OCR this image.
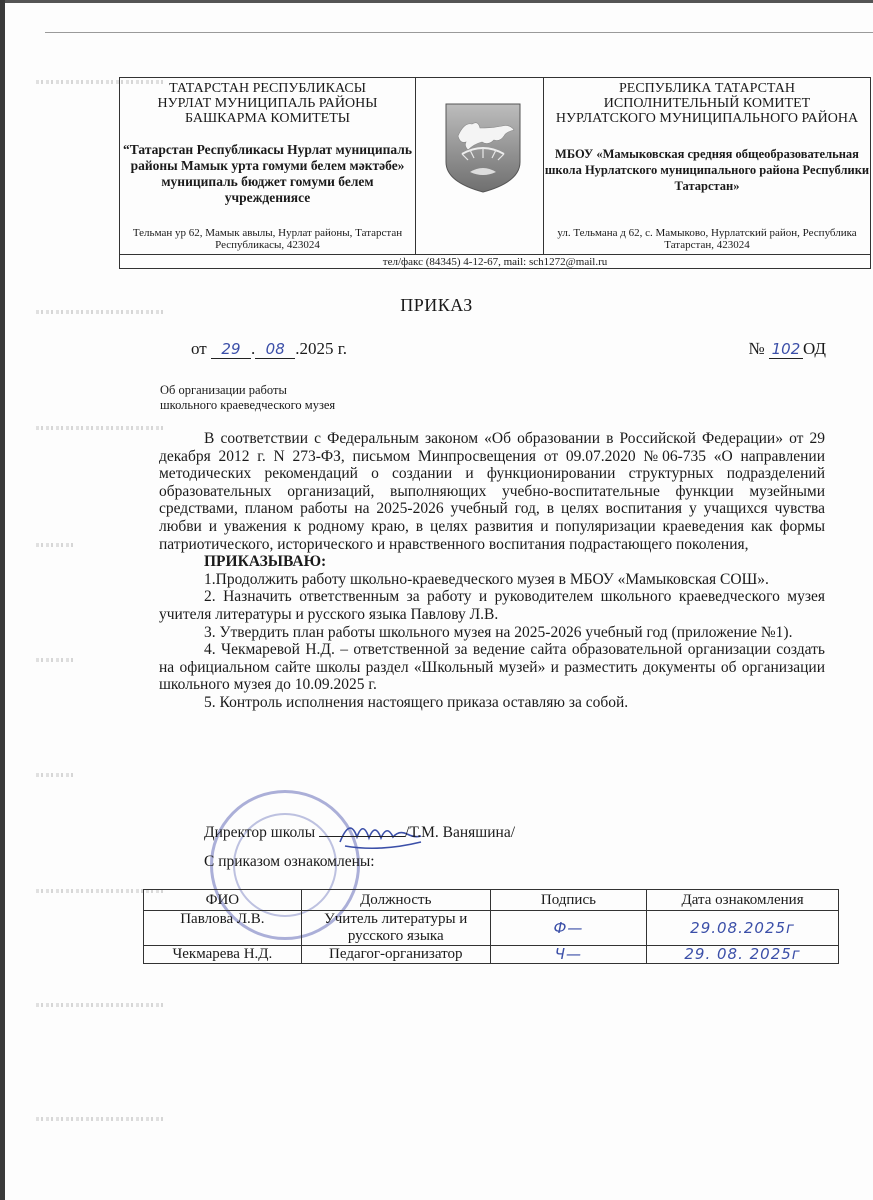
ТАТАРСТАН РЕСПУБЛИКАСЫ
НУРЛАТ МУНИЦИПАЛЬ РАЙОНЫ
БАШКАРМА КОМИТЕТЫ
“Татарстан Республикасы Нурлат муниципаль районы Мамык урта гомуми белем мәктәбе» муниципаль бюджет гомуми белем учреждениясе
Тельман ур 62, Мамык авылы, Нурлат районы, Татарстан Республикасы, 423024
РЕСПУБЛИКА ТАТАРСТАН
ИСПОЛНИТЕЛЬНЫЙ КОМИТЕТ
НУРЛАТСКОГО МУНИЦИПАЛЬНОГО РАЙОНА
МБОУ «Мамыковская средняя общеобразовательная школа Нурлатского муниципального района Республики Татарстан»
ул. Тельмана д 62, с. Мамыково, Нурлатский район, Республика Татарстан, 423024
тел/факс (84345) 4-12-67, mail: sch1272@mail.ru
ПРИКАЗ
от 29 . 08 .2025 г.	№ 102 ОД
Об организации работы
школьного краеведческого музея

В соответствии с Федеральным законом «Об образовании в Российской Федерации» от 29 декабря 2012 г. N 273-ФЗ, письмом Минпросвещения от 09.07.2020 №06-735 «О направлении методических рекомендаций о создании и функционировании структурных подразделений образовательных организаций, выполняющих учебно-воспитательные функции музейными средствами, планом работы на 2025-2026 учебный год, в целях воспитания у учащихся чувства любви и уважения к родному краю, в целях развития и популяризации краеведения как формы патриотического, исторического и нравственного воспитания подрастающего поколения,

ПРИКАЗЫВАЮ:

1.Продолжить работу школьно-краеведческого музея в МБОУ «Мамыковская СОШ».

2. Назначить ответственным за работу и руководителем школьного краеведческого музея учителя литературы и русского языка Павлову Л.В.

3. Утвердить план работы школьного музея на 2025-2026 учебный год (приложение №1).

4. Чекмаревой Н.Д. – ответственной за ведение сайта образовательной организации создать на официальном сайте школы раздел «Школьный музей» и разместить документы об организации школьного музея до 10.09.2025 г.

5. Контроль исполнения настоящего приказа оставляю за собой.

Директор школы	/Т.М. Ваняшина/
С приказом ознакомлены:
ФИО	Должность	Подпись	Дата ознакомления
Павлова Л.В.	Учитель литературы и русского языка	Ф—	29.08.2025г
Чекмарева Н.Д.	Педагог-организатор	Ч—	29. 08. 2025г
